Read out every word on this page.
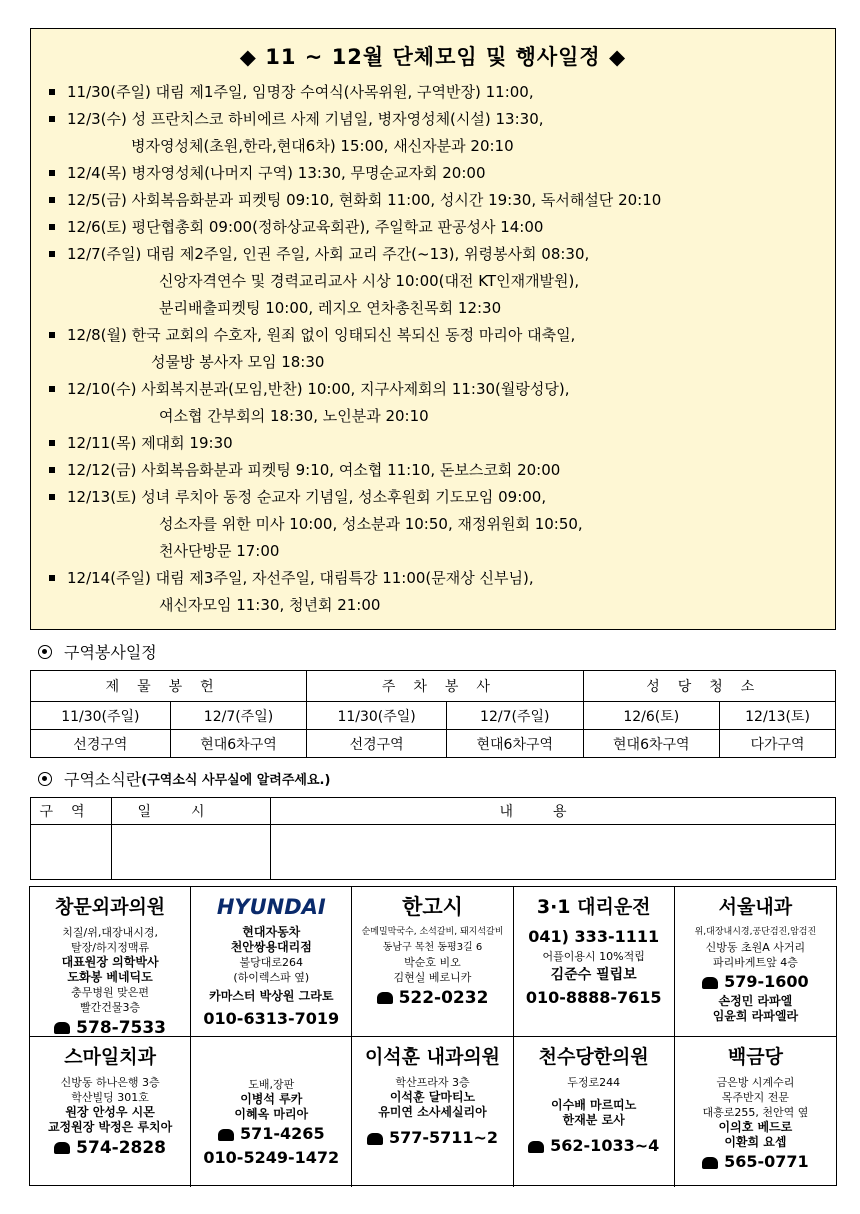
◆ 11 ~ 12월 단체모임 및 행사일정 ◆
11/30(주일) 대림 제1주일, 임명장 수여식(사목위원, 구역반장) 11:00,
12/3(수) 성 프란치스코 하비에르 사제 기념일, 병자영성체(시설) 13:30,
병자영성체(초원,한라,현대6차) 15:00, 새신자분과 20:10
12/4(목) 병자영성체(나머지 구역) 13:30, 무명순교자회 20:00
12/5(금) 사회복음화분과 피켓팅 09:10, 현화회 11:00, 성시간 19:30, 독서해설단 20:10
12/6(토) 평단협총회 09:00(정하상교육회관), 주일학교 판공성사 14:00
12/7(주일) 대림 제2주일, 인권 주일, 사회 교리 주간(~13), 위령봉사회 08:30,
신앙자격연수 및 경력교리교사 시상 10:00(대전 KT인재개발원),
분리배출피켓팅 10:00, 레지오 연차총친목회 12:30
12/8(월) 한국 교회의 수호자, 원죄 없이 잉태되신 복되신 동정 마리아 대축일,
성물방 봉사자 모임 18:30
12/10(수) 사회복지분과(모임,반찬) 10:00, 지구사제회의 11:30(월랑성당),
여소협 간부회의 18:30, 노인분과 20:10
12/11(목) 제대회 19:30
12/12(금) 사회복음화분과 피켓팅 9:10, 여소협 11:10, 돈보스코회 20:00
12/13(토) 성녀 루치아 동정 순교자 기념일, 성소후원회 기도모임 09:00,
성소자를 위한 미사 10:00, 성소분과 10:50, 재정위원회 10:50,
천사단방문 17:00
12/14(주일) 대림 제3주일, 자선주일, 대림특강 11:00(문재상 신부님),
새신자모임 11:30, 청년회 21:00
구역봉사일정
제물봉헌		주차봉사		성당청소	
11/30(주일)	12/7(주일)	11/30(주일)	12/7(주일)	12/6(토)	12/13(토)
선경구역	현대6차구역	선경구역	현대6차구역	현대6차구역	다가구역
구역소식란 (구역소식 사무실에 알려주세요.)
구역	일시	내용

창문외과의원
치질/위,대장내시경,
탈장/하지정맥류
대표원장 의학박사
도화봉 베네딕도
충무병원 맞은편
빨간건물3층
578-7533
HYUNDAI
현대자동차
천안쌍용대리점
불당대로264
(하이렉스파 옆)
카마스터 박상원 그라토
010-6313-7019
한고시
순메밀막국수, 소석갈비, 돼지석갈비
동남구 목천 동평3길 6
박순호 비오
김현실 베로니카
522-0232
3·1 대리운전
041) 333-1111
어플이용시 10%적립
김준수 필립보
010-8888-7615
서울내과
위,대장내시경,공단검진,암검진
신방동 초원A 사거리
파리바게트앞 4층
579-1600
손정민 라파엘
임윤희 라파엘라
스마일치과
신방동 하나은행 3층
학산빌딩 301호
원장 안성우 시몬
교정원장 박정은 루치아
574-2828
도배,장판
이병석 루카
이혜옥 마리아
571-4265
010-5249-1472
이석훈 내과의원
학산프라자 3층
이석훈 달마티노
유미연 소사세실리아
577-5711~2
천수당한의원
두정로244
이수배 마르띠노
한재분 로사
562-1033~4
백금당
금은방 시계수리
목주반지 전문
대흥로255, 천안역 옆
이의호 베드로
이환희 요셉
565-0771
